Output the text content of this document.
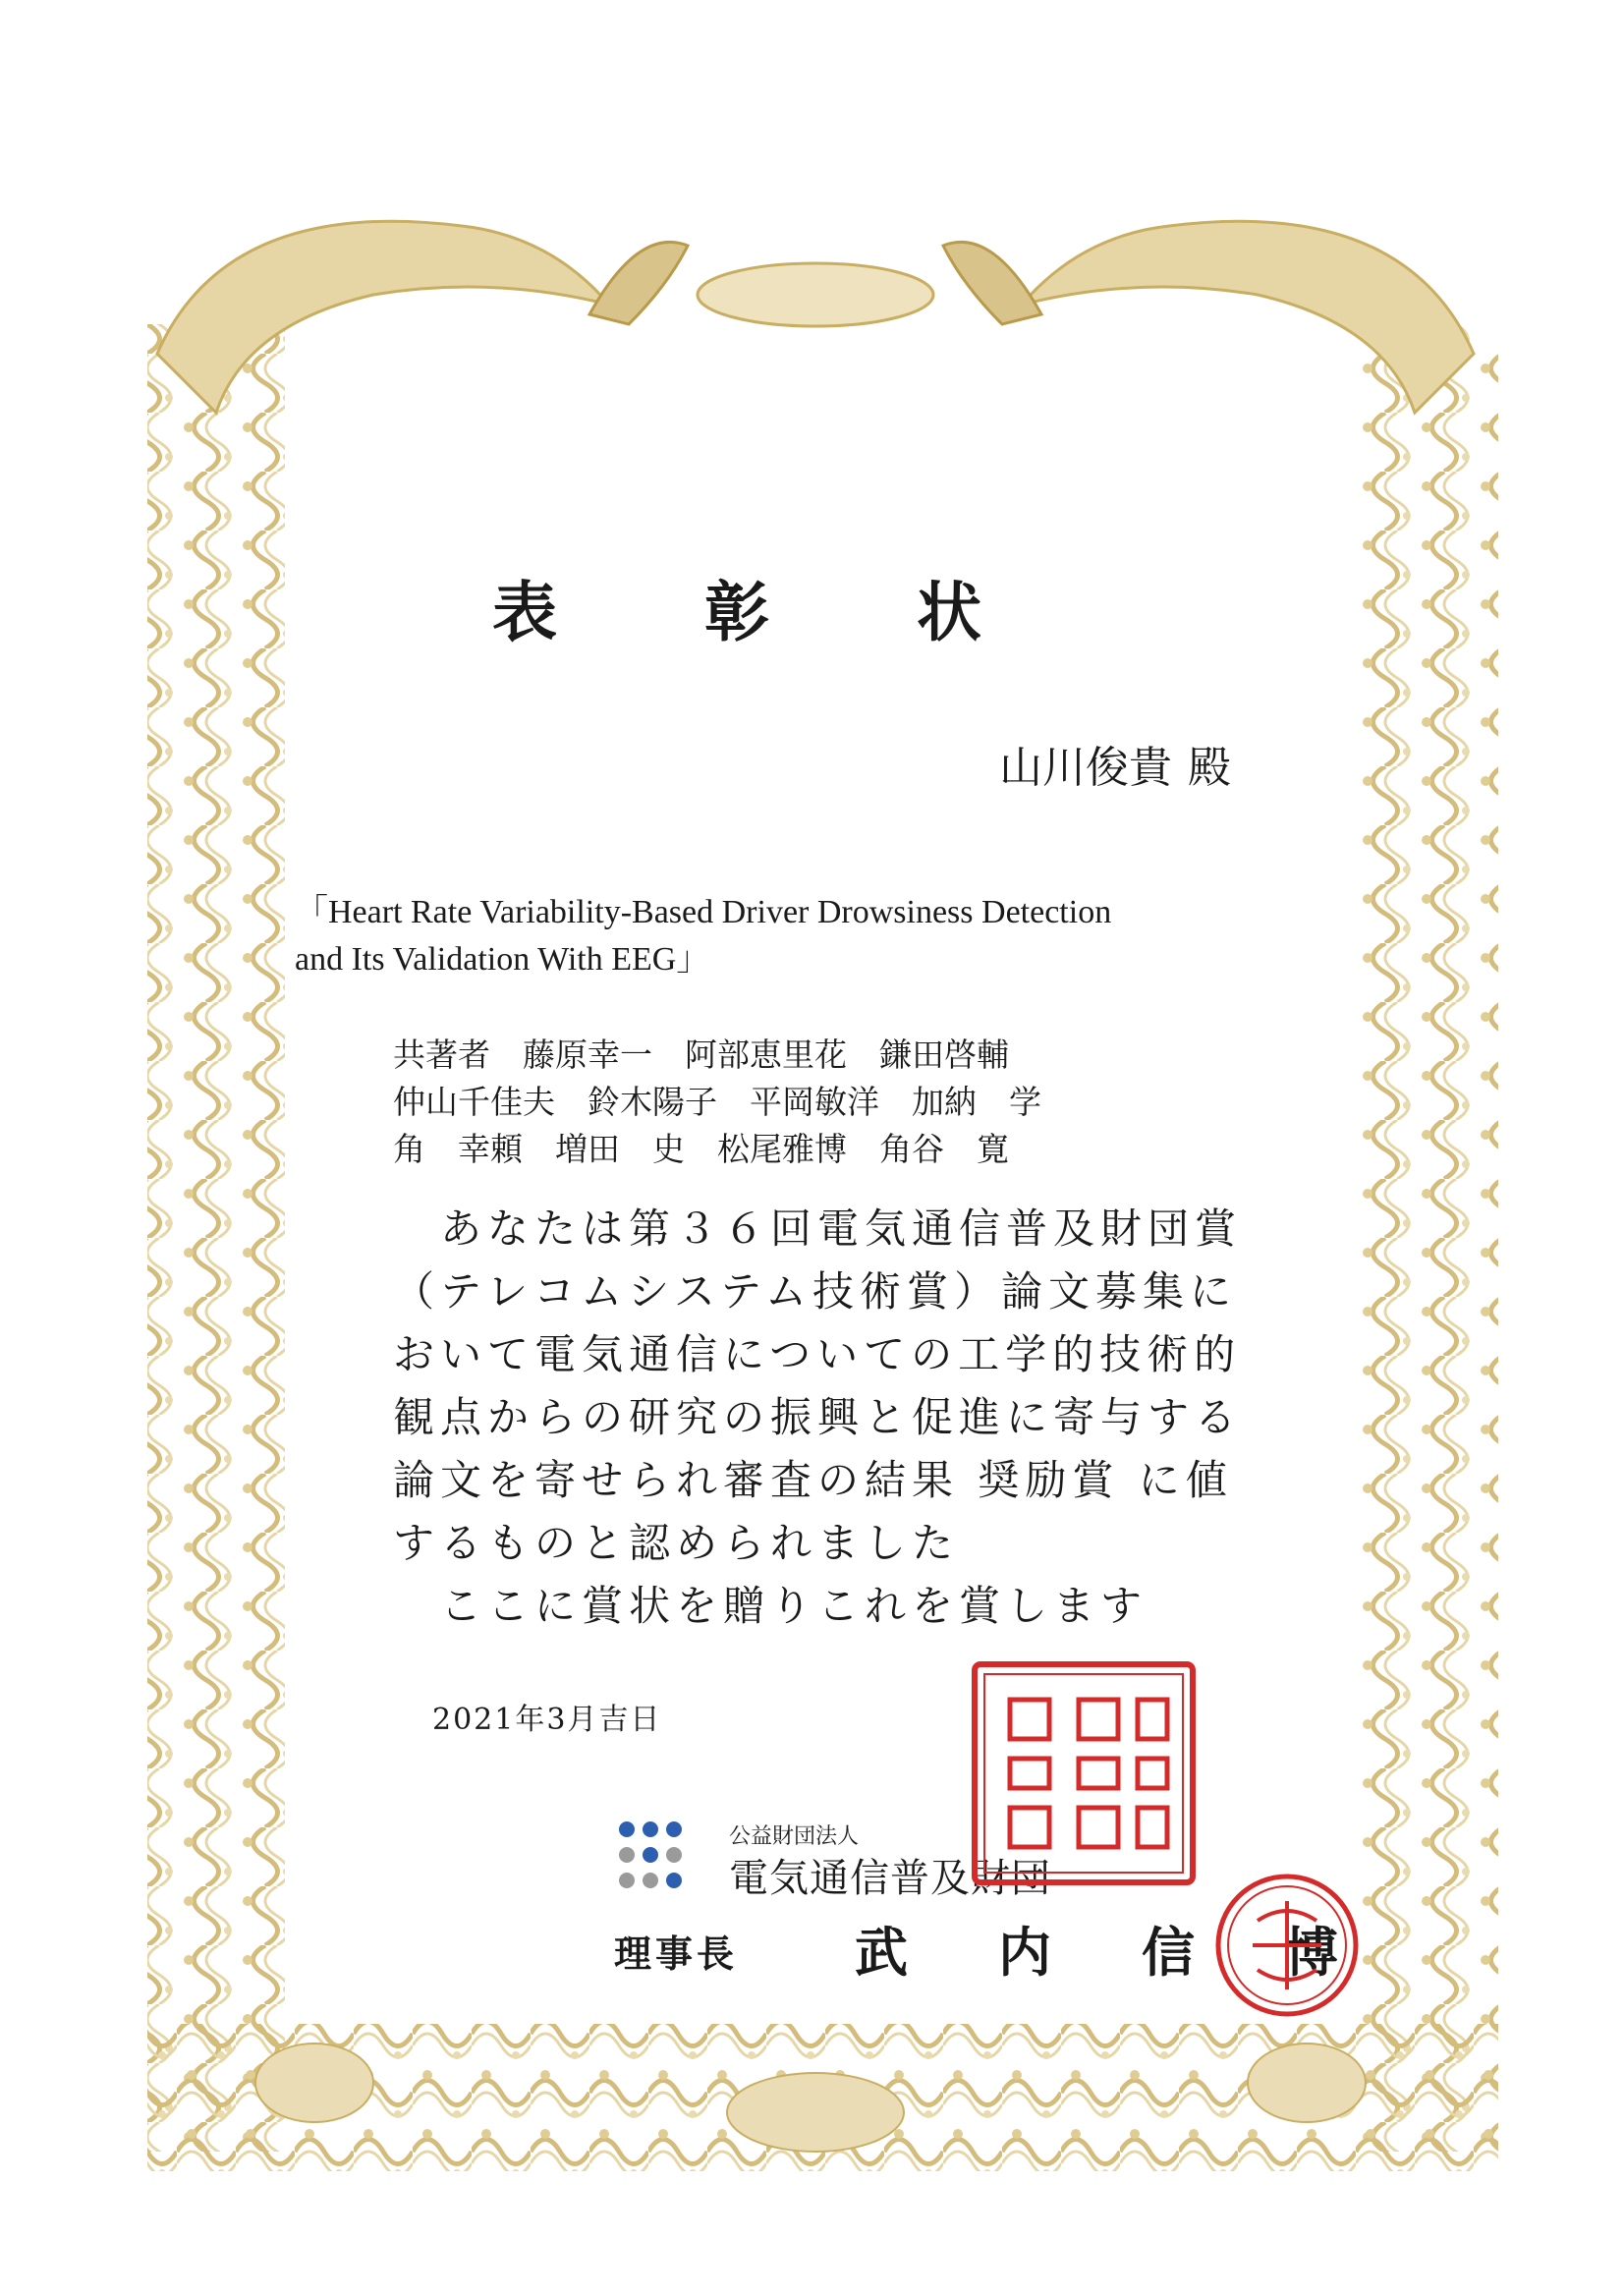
表彰状
山川俊貴 殿
「Heart Rate Variability-Based Driver Drowsiness Detection
and Its Validation With EEG」
共著者　藤原幸一　阿部恵里花　鎌田啓輔
仲山千佳夫　鈴木陽子　平岡敏洋　加納　学
角　幸頼　増田　史　松尾雅博　角谷　寛
　あなたは第３６回電気通信普及財団賞
（テレコムシステム技術賞）論文募集に
おいて電気通信についての工学的技術的
観点からの研究の振興と促進に寄与する
論文を寄せられ審査の結果 奨励賞 に値
するものと認められました
　ここに賞状を贈りこれを賞します
2021年3月吉日
公益財団法人
電気通信普及財団
理事長 武内信博
